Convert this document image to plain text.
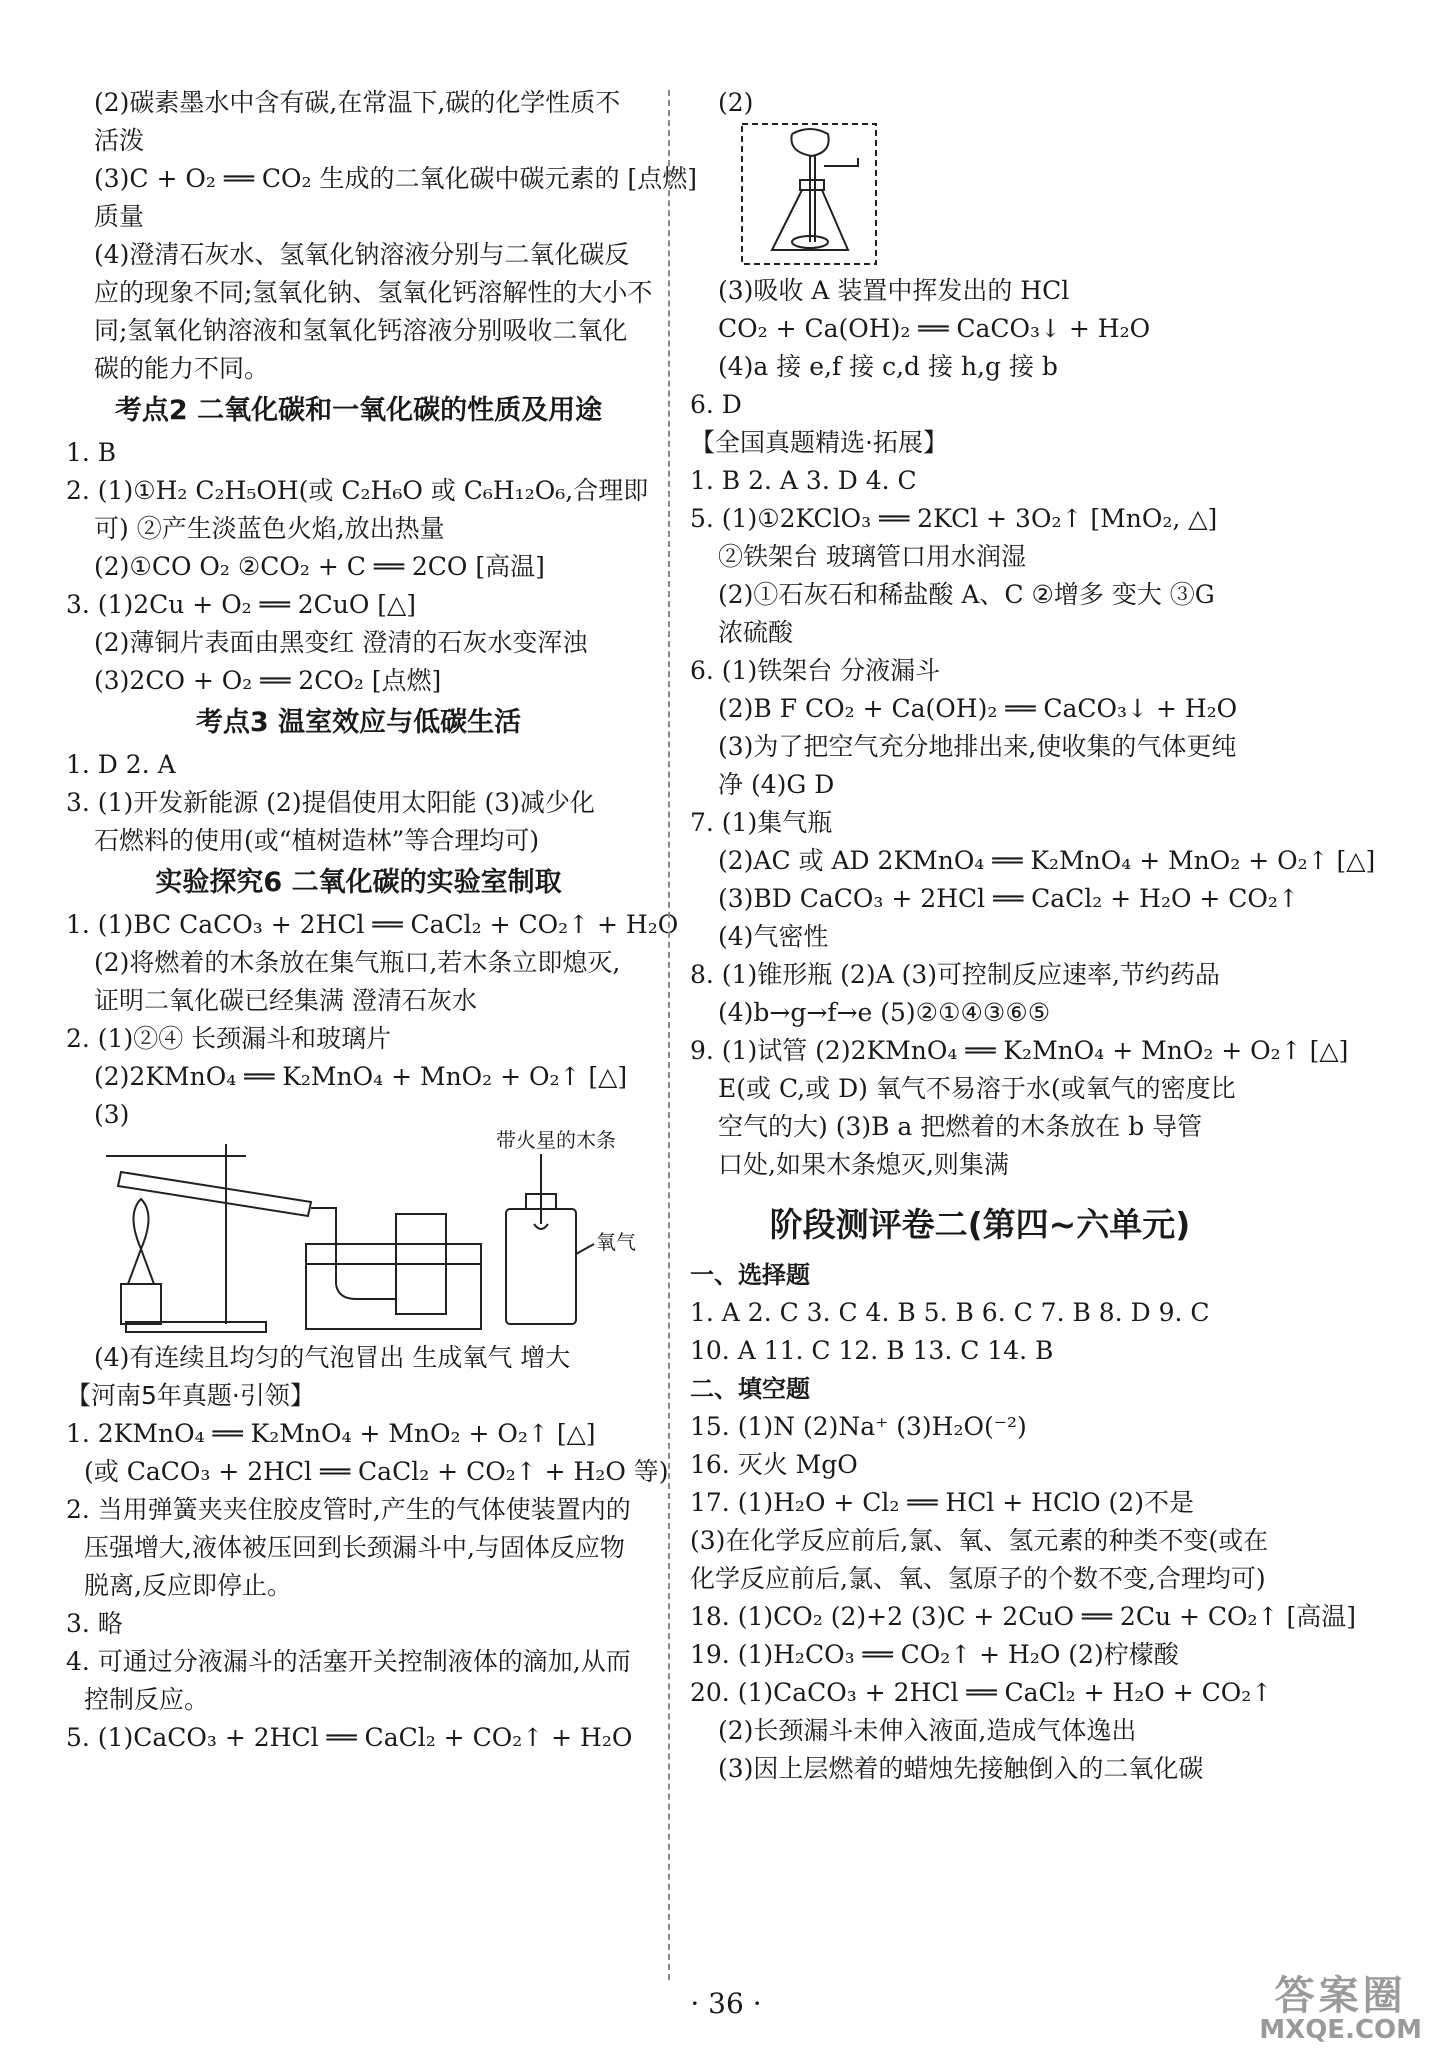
(2)碳素墨水中含有碳,在常温下,碳的化学性质不
活泼
(3)C + O₂ ══ CO₂ 生成的二氧化碳中碳元素的 [点燃]
质量
(4)澄清石灰水、氢氧化钠溶液分别与二氧化碳反
应的现象不同;氢氧化钠、氢氧化钙溶解性的大小不
同;氢氧化钠溶液和氢氧化钙溶液分别吸收二氧化
碳的能力不同。
考点2 二氧化碳和一氧化碳的性质及用途
1. B
2. (1)①H₂ C₂H₅OH(或 C₂H₆O 或 C₆H₁₂O₆,合理即
可) ②产生淡蓝色火焰,放出热量
(2)①CO O₂ ②CO₂ + C ══ 2CO [高温]
3. (1)2Cu + O₂ ══ 2CuO [△]
(2)薄铜片表面由黑变红 澄清的石灰水变浑浊
(3)2CO + O₂ ══ 2CO₂ [点燃]
考点3 温室效应与低碳生活
1. D 2. A
3. (1)开发新能源 (2)提倡使用太阳能 (3)减少化
石燃料的使用(或“植树造林”等合理均可)
实验探究6 二氧化碳的实验室制取
1. (1)BC CaCO₃ + 2HCl ══ CaCl₂ + CO₂↑ + H₂O
(2)将燃着的木条放在集气瓶口,若木条立即熄灭,
证明二氧化碳已经集满 澄清石灰水
2. (1)②④ 长颈漏斗和玻璃片
(2)2KMnO₄ ══ K₂MnO₄ + MnO₂ + O₂↑ [△]
(3)
带火星的木条
氧气
(4)有连续且均匀的气泡冒出 生成氧气 增大
【河南5年真题·引领】
1. 2KMnO₄ ══ K₂MnO₄ + MnO₂ + O₂↑ [△]
(或 CaCO₃ + 2HCl ══ CaCl₂ + CO₂↑ + H₂O 等)
2. 当用弹簧夹夹住胶皮管时,产生的气体使装置内的
压强增大,液体被压回到长颈漏斗中,与固体反应物
脱离,反应即停止。
3. 略
4. 可通过分液漏斗的活塞开关控制液体的滴加,从而
控制反应。
5. (1)CaCO₃ + 2HCl ══ CaCl₂ + CO₂↑ + H₂O
(2)
(3)吸收 A 装置中挥发出的 HCl
CO₂ + Ca(OH)₂ ══ CaCO₃↓ + H₂O
(4)a 接 e,f 接 c,d 接 h,g 接 b
6. D
【全国真题精选·拓展】
1. B 2. A 3. D 4. C
5. (1)①2KClO₃ ══ 2KCl + 3O₂↑ [MnO₂, △]
②铁架台 玻璃管口用水润湿
(2)①石灰石和稀盐酸 A、C ②增多 变大 ③G
浓硫酸
6. (1)铁架台 分液漏斗
(2)B F CO₂ + Ca(OH)₂ ══ CaCO₃↓ + H₂O
(3)为了把空气充分地排出来,使收集的气体更纯
净 (4)G D
7. (1)集气瓶
(2)AC 或 AD 2KMnO₄ ══ K₂MnO₄ + MnO₂ + O₂↑ [△]
(3)BD CaCO₃ + 2HCl ══ CaCl₂ + H₂O + CO₂↑
(4)气密性
8. (1)锥形瓶 (2)A (3)可控制反应速率,节约药品
(4)b→g→f→e (5)②①④③⑥⑤
9. (1)试管 (2)2KMnO₄ ══ K₂MnO₄ + MnO₂ + O₂↑ [△]
E(或 C,或 D) 氧气不易溶于水(或氧气的密度比
空气的大) (3)B a 把燃着的木条放在 b 导管
口处,如果木条熄灭,则集满
阶段测评卷二(第四~六单元)
一、选择题
1. A 2. C 3. C 4. B 5. B 6. C 7. B 8. D 9. C
10. A 11. C 12. B 13. C 14. B
二、填空题
15. (1)N (2)Na⁺ (3)H₂O(⁻²)
16. 灭火 MgO
17. (1)H₂O + Cl₂ ══ HCl + HClO (2)不是
(3)在化学反应前后,氯、氧、氢元素的种类不变(或在
化学反应前后,氯、氧、氢原子的个数不变,合理均可)
18. (1)CO₂ (2)+2 (3)C + 2CuO ══ 2Cu + CO₂↑ [高温]
19. (1)H₂CO₃ ══ CO₂↑ + H₂O (2)柠檬酸
20. (1)CaCO₃ + 2HCl ══ CaCl₂ + H₂O + CO₂↑
(2)长颈漏斗未伸入液面,造成气体逸出
(3)因上层燃着的蜡烛先接触倒入的二氧化碳
· 36 ·	答案圈
MXQE.COM
